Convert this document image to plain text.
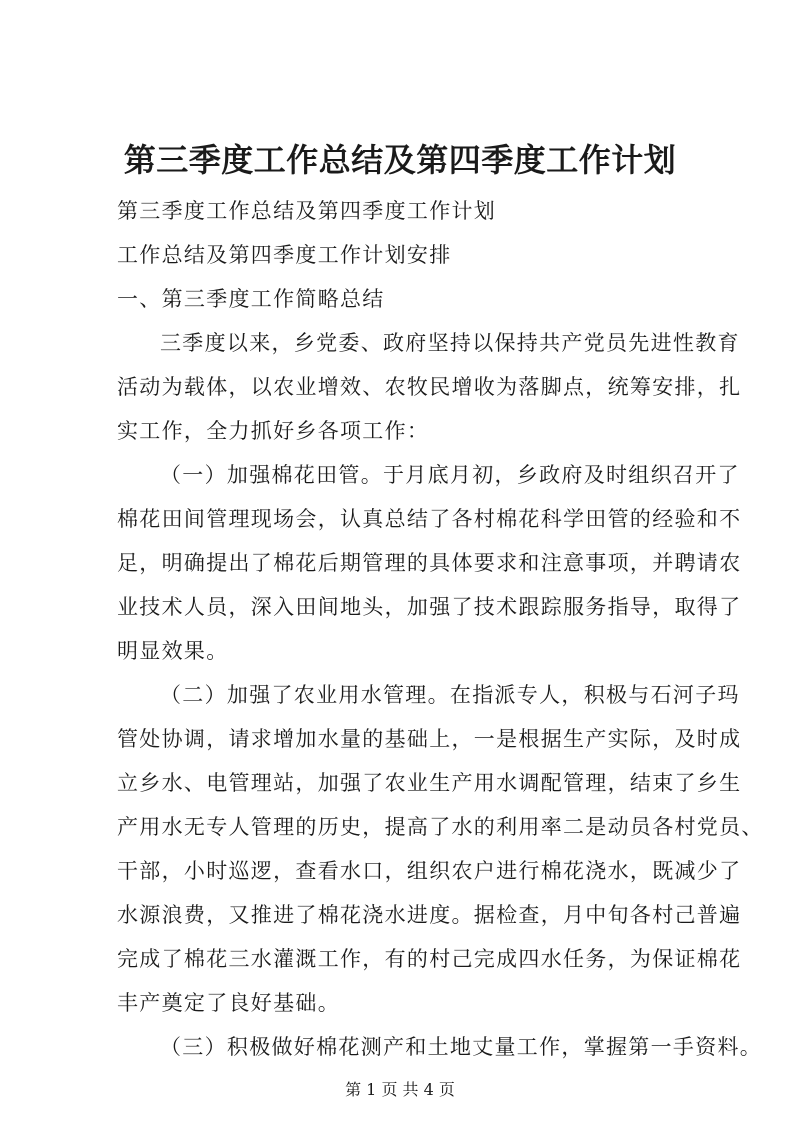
第三季度工作总结及第四季度工作计划
第三季度工作总结及第四季度工作计划
工作总结及第四季度工作计划安排
一、第三季度工作简略总结
三季度以来，乡党委、政府坚持以保持共产党员先进性教育
活动为载体，以农业增效、农牧民增收为落脚点，统筹安排，扎
实工作，全力抓好乡各项工作：
（一）加强棉花田管。于月底月初，乡政府及时组织召开了
棉花田间管理现场会，认真总结了各村棉花科学田管的经验和不
足，明确提出了棉花后期管理的具体要求和注意事项，并聘请农
业技术人员，深入田间地头，加强了技术跟踪服务指导，取得了
明显效果。
（二）加强了农业用水管理。在指派专人，积极与石河子玛
管处协调，请求增加水量的基础上，一是根据生产实际，及时成
立乡水、电管理站，加强了农业生产用水调配管理，结束了乡生
产用水无专人管理的历史，提高了水的利用率二是动员各村党员、
干部，小时巡逻，查看水口，组织农户进行棉花浇水，既减少了
水源浪费，又推进了棉花浇水进度。据检查，月中旬各村己普遍
完成了棉花三水灌溉工作，有的村己完成四水任务，为保证棉花
丰产奠定了良好基础。
（三）积极做好棉花测产和土地丈量工作，掌握第一手资料。
第 1 页 共 4 页
